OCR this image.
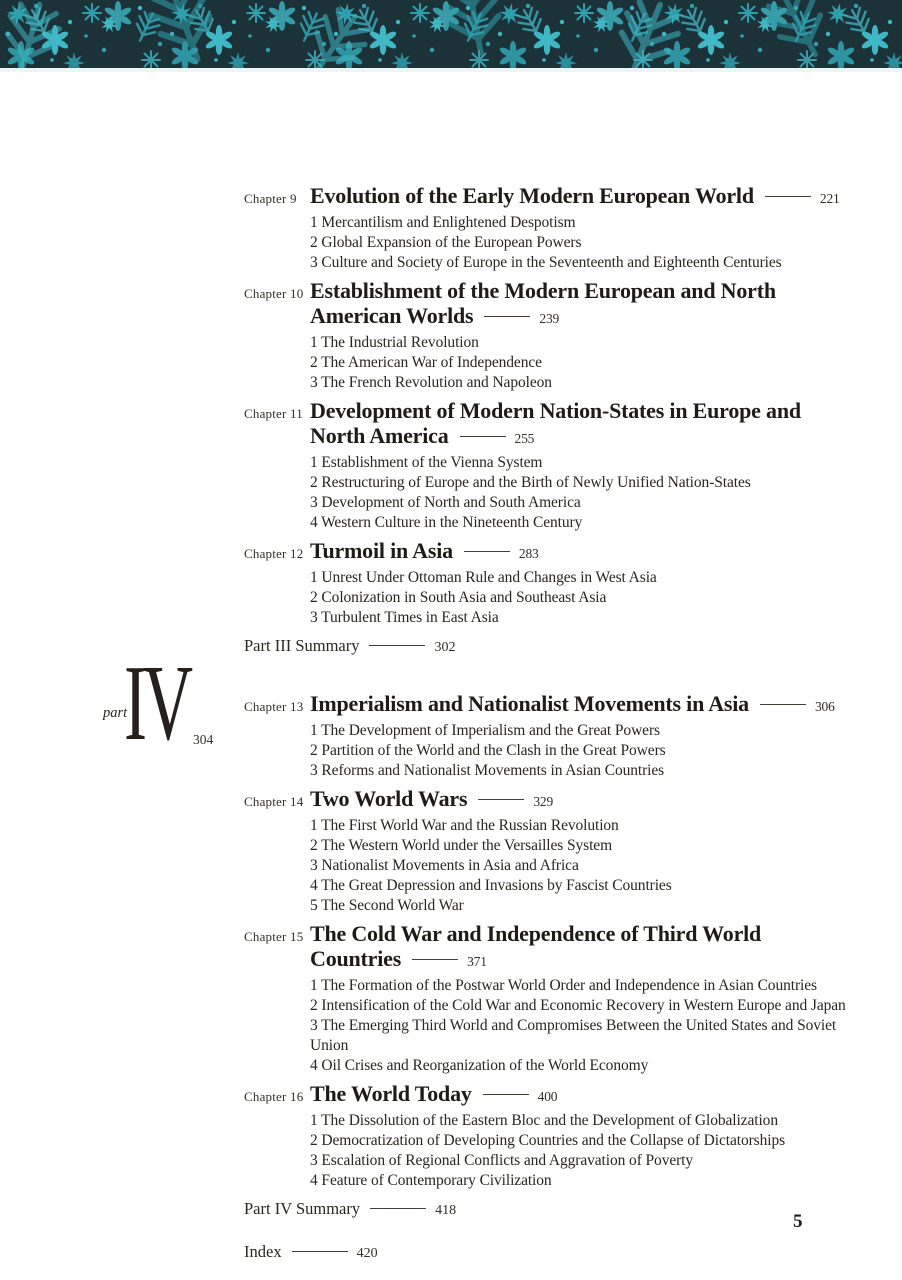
part
IV 304
Chapter 9 Evolution of the Early Modern European World	221
1 Mercantilism and Enlightened Despotism
2 Global Expansion of the European Powers
3 Culture and Society of Europe in the Seventeenth and Eighteenth Centuries
Chapter 10 Establishment of the Modern European and North
American Worlds	239
1 The Industrial Revolution
2 The American War of Independence
3 The French Revolution and Napoleon
Chapter 11 Development of Modern Nation-States in Europe and
North America	255
1 Establishment of the Vienna System
2 Restructuring of Europe and the Birth of Newly Unified Nation-States
3 Development of North and South America
4 Western Culture in the Nineteenth Century
Chapter 12 Turmoil in Asia	283
1 Unrest Under Ottoman Rule and Changes in West Asia
2 Colonization in South Asia and Southeast Asia
3 Turbulent Times in East Asia
Part III Summary	302
Chapter 13 Imperialism and Nationalist Movements in Asia	306
1 The Development of Imperialism and the Great Powers
2 Partition of the World and the Clash in the Great Powers
3 Reforms and Nationalist Movements in Asian Countries
Chapter 14 Two World Wars	329
1 The First World War and the Russian Revolution
2 The Western World under the Versailles System
3 Nationalist Movements in Asia and Africa
4 The Great Depression and Invasions by Fascist Countries
5 The Second World War
Chapter 15 The Cold War and Independence of Third World
Countries	371
1 The Formation of the Postwar World Order and Independence in Asian Countries
2 Intensification of the Cold War and Economic Recovery in Western Europe and Japan
3 The Emerging Third World and Compromises Between the United States and Soviet Union
4 Oil Crises and Reorganization of the World Economy
Chapter 16 The World Today	400
1 The Dissolution of the Eastern Bloc and the Development of Globalization
2 Democratization of Developing Countries and the Collapse of Dictatorships
3 Escalation of Regional Conflicts and Aggravation of Poverty
4 Feature of Contemporary Civilization
Part IV Summary	418
Index	420
5
